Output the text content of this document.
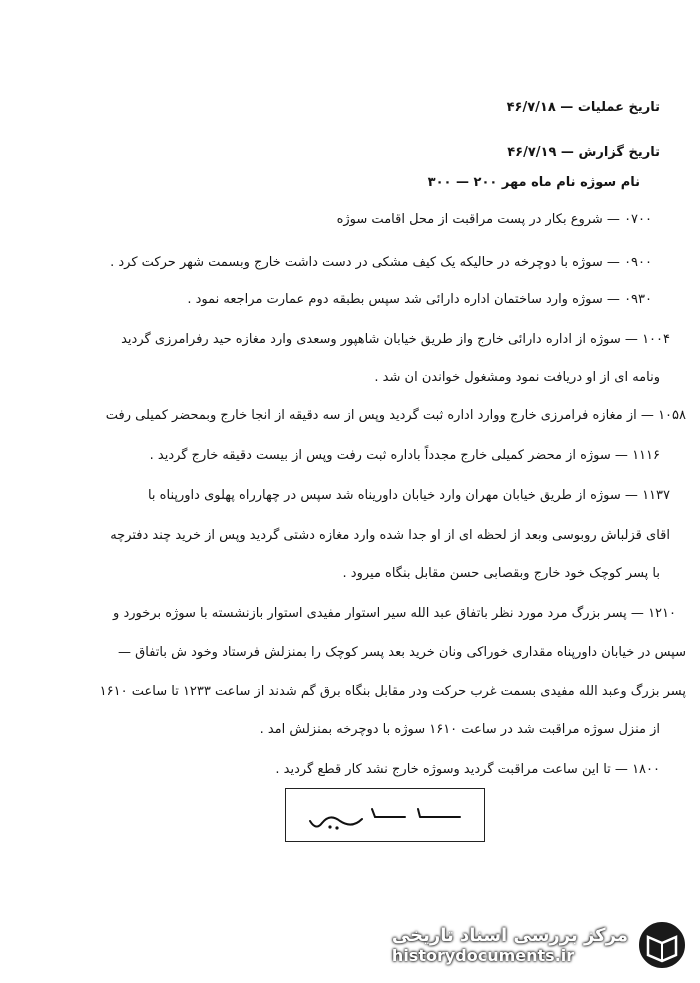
تاریخ عملیات — ۴۶/۷/۱۸
تاریخ گزارش — ۴۶/۷/۱۹
نام سوژه نام ماه مهر ۲۰۰ — ۳۰۰
۰۷۰۰ — شروع بکار در پست مراقبت از محل اقامت سوژه
۰۹۰۰ — سوژه با دوچرخه در حالیکه یک کیف مشکی در دست داشت خارج وبسمت شهر حرکت کرد .
۰۹۳۰ — سوژه وارد ساختمان اداره دارائی شد سپس بطبقه دوم عمارت مراجعه نمود .
۱۰۰۴ — سوژه از اداره دارائی خارج واز طریق خیابان شاهپور وسعدی وارد مغازه حید رفرامرزی گردید
ونامه ای از او دریافت نمود ومشغول خواندن ان شد .
۱۰۵۸ — از مغازه فرامرزی خارج ووارد اداره ثبت گردید وپس از سه دقیقه از انجا خارج وبمحضر کمیلی رفت
۱۱۱۶ — سوژه از محضر کمیلی خارج مجدداً باداره ثبت رفت وپس از بیست دقیقه خارج گردید .
۱۱۳۷ — سوژه از طریق خیابان مهران وارد خیابان داوریناه شد سپس در چهارراه پهلوی داورپناه با
اقای قزلباش روبوسی وبعد از لحظه ای از او جدا شده وارد مغازه دشتی گردید وپس از خرید چند دفترچه
با پسر کوچک خود خارج وبقصابی حسن مقابل بنگاه میرود .
۱۲۱۰ — پسر بزرگ مرد مورد نظر باتفاق عبد الله سیر استوار مفیدی استوار بازنشسته با سوژه برخورد و
سپس در خیابان داورپناه مقداری خوراکی ونان خرید بعد پسر کوچک را بمنزلش فرستاد وخود ش باتفاق —
پسر بزرگ وعبد الله مفیدی بسمت غرب حرکت ودر مقابل بنگاه برق گم شدند از ساعت ۱۲۳۳ تا ساعت ۱۶۱۰
از منزل سوژه مراقبت شد در ساعت ۱۶۱۰ سوژه با دوچرخه بمنزلش امد .
۱۸۰۰ — تا این ساعت مراقبت گردید وسوژه خارج نشد کار قطع گردید .
مرکز بررسی اسناد تاریخی
historydocuments.ir
